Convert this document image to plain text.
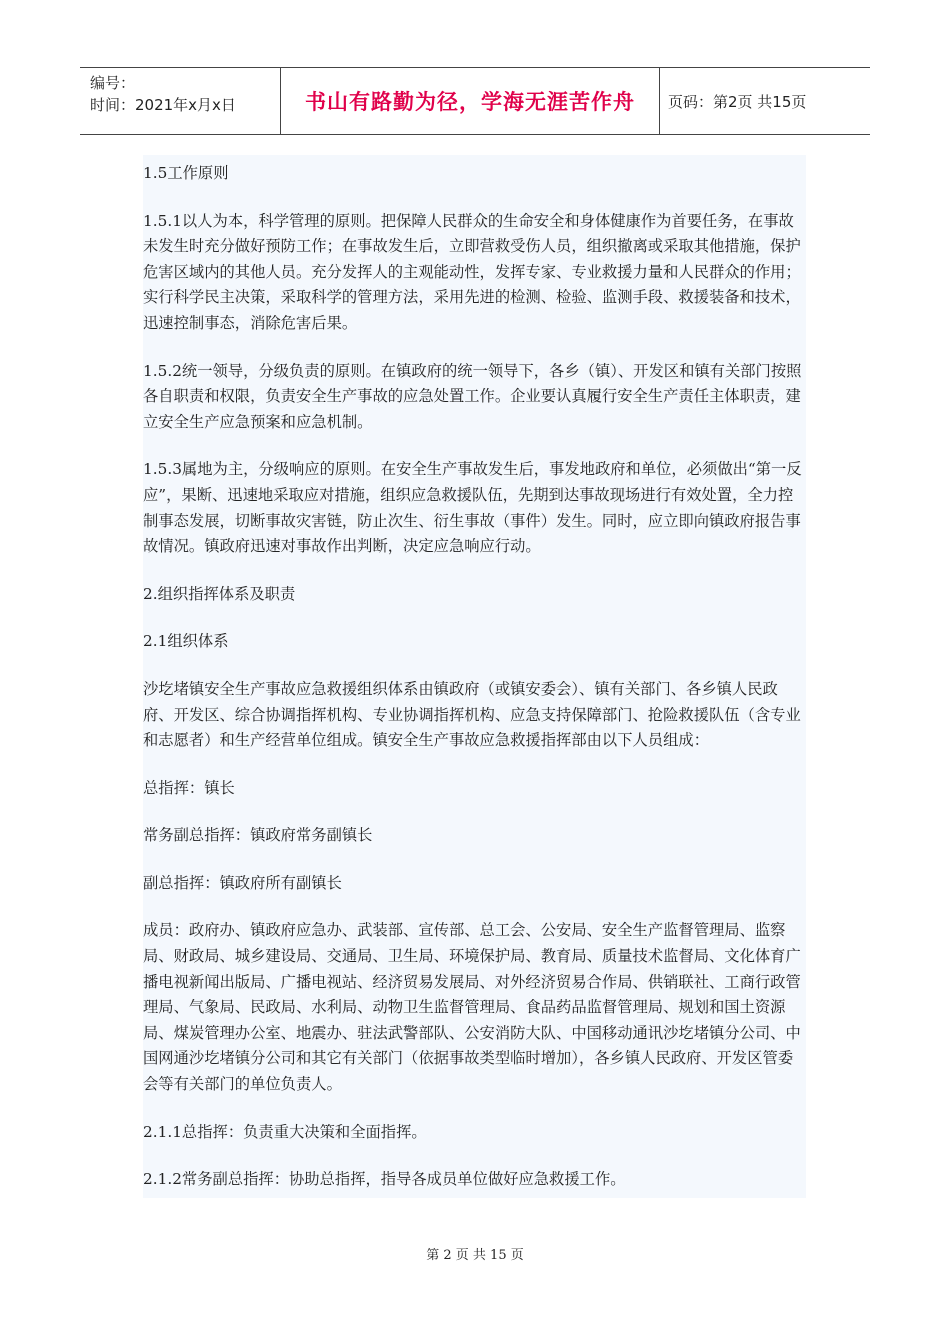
编号：
时间：2021年x月x日	书山有路勤为径，学海无涯苦作舟	页码：第2页 共15页

1.5工作原则

1.5.1以人为本，科学管理的原则。把保障人民群众的生命安全和身体健康作为首要任务，在事故未发生时充分做好预防工作；在事故发生后，立即营救受伤人员，组织撤离或采取其他措施，保护危害区域内的其他人员。充分发挥人的主观能动性，发挥专家、专业救援力量和人民群众的作用；实行科学民主决策，采取科学的管理方法，采用先进的检测、检验、监测手段、救援装备和技术，迅速控制事态，消除危害后果。

1.5.2统一领导，分级负责的原则。在镇政府的统一领导下，各乡（镇）、开发区和镇有关部门按照各自职责和权限，负责安全生产事故的应急处置工作。企业要认真履行安全生产责任主体职责，建立安全生产应急预案和应急机制。

1.5.3属地为主，分级响应的原则。在安全生产事故发生后，事发地政府和单位，必须做出“第一反应”，果断、迅速地采取应对措施，组织应急救援队伍，先期到达事故现场进行有效处置，全力控制事态发展，切断事故灾害链，防止次生、衍生事故（事件）发生。同时，应立即向镇政府报告事故情况。镇政府迅速对事故作出判断，决定应急响应行动。

2.组织指挥体系及职责

2.1组织体系

沙圪堵镇安全生产事故应急救援组织体系由镇政府（或镇安委会）、镇有关部门、各乡镇人民政府、开发区、综合协调指挥机构、专业协调指挥机构、应急支持保障部门、抢险救援队伍（含专业和志愿者）和生产经营单位组成。镇安全生产事故应急救援指挥部由以下人员组成：

总指挥：镇长

常务副总指挥：镇政府常务副镇长

副总指挥：镇政府所有副镇长

成员：政府办、镇政府应急办、武装部、宣传部、总工会、公安局、安全生产监督管理局、监察局、财政局、城乡建设局、交通局、卫生局、环境保护局、教育局、质量技术监督局、文化体育广播电视新闻出版局、广播电视站、经济贸易发展局、对外经济贸易合作局、供销联社、工商行政管理局、气象局、民政局、水利局、动物卫生监督管理局、食品药品监督管理局、规划和国土资源局、煤炭管理办公室、地震办、驻法武警部队、公安消防大队、中国移动通讯沙圪堵镇分公司、中国网通沙圪堵镇分公司和其它有关部门（依据事故类型临时增加），各乡镇人民政府、开发区管委会等有关部门的单位负责人。

2.1.1总指挥：负责重大决策和全面指挥。

2.1.2常务副总指挥：协助总指挥，指导各成员单位做好应急救援工作。

第 2 页 共 15 页
